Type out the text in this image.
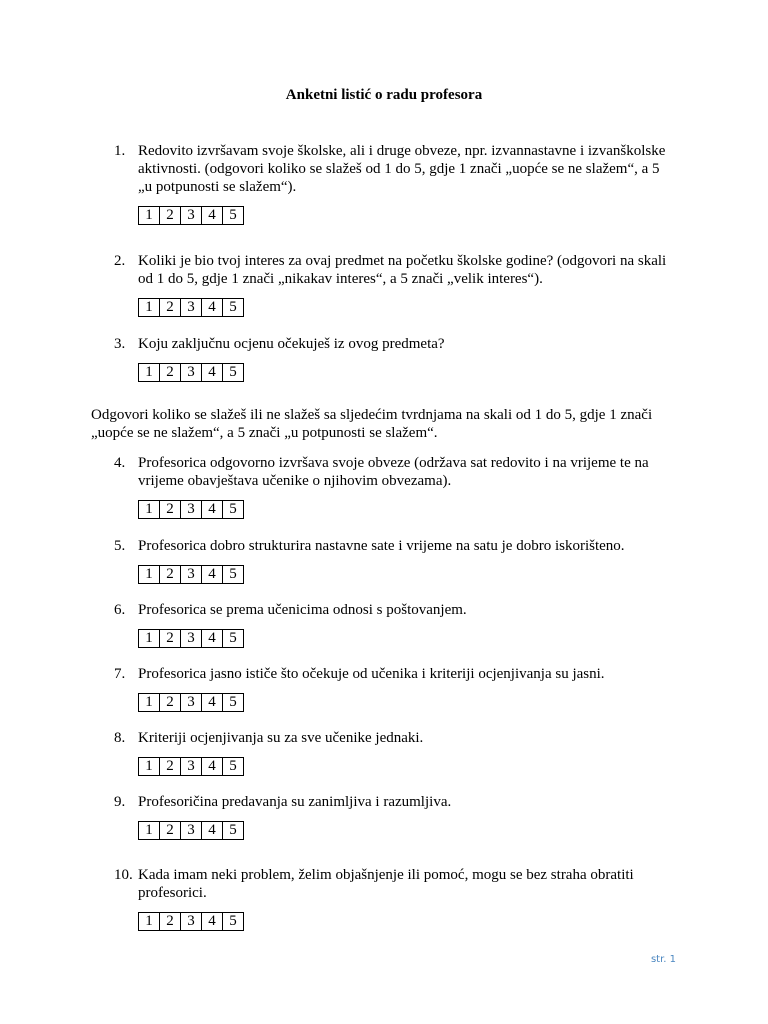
Anketni listić o radu profesora
1. Redovito izvršavam svoje školske, ali i druge obveze, npr. izvannastavne i izvanškolske aktivnosti. (odgovori koliko se slažeš od 1 do 5, gdje 1 znači „uopće se ne slažem“, a 5 „u potpunosti se slažem“).
1	2	3	4	5
2. Koliki je bio tvoj interes za ovaj predmet na početku školske godine? (odgovori na skali od 1 do 5, gdje 1 znači „nikakav interes“, a 5 znači „velik interes“).
1	2	3	4	5
3. Koju zaključnu ocjenu očekuješ iz ovog predmeta?
1	2	3	4	5
Odgovori koliko se slažeš ili ne slažeš sa sljedećim tvrdnjama na skali od 1 do 5, gdje 1 znači „uopće se ne slažem“, a 5 znači „u potpunosti se slažem“.
4. Profesorica odgovorno izvršava svoje obveze (održava sat redovito i na vrijeme te na vrijeme obavještava učenike o njihovim obvezama).
1	2	3	4	5
5. Profesorica dobro strukturira nastavne sate i vrijeme na satu je dobro iskorišteno.
1	2	3	4	5
6. Profesorica se prema učenicima odnosi s poštovanjem.
1	2	3	4	5
7. Profesorica jasno ističe što očekuje od učenika i kriteriji ocjenjivanja su jasni.
1	2	3	4	5
8. Kriteriji ocjenjivanja su za sve učenike jednaki.
1	2	3	4	5
9. Profesoričina predavanja su zanimljiva i razumljiva.
1	2	3	4	5
10. Kada imam neki problem, želim objašnjenje ili pomoć, mogu se bez straha obratiti profesorici.
1	2	3	4	5
str. 1
